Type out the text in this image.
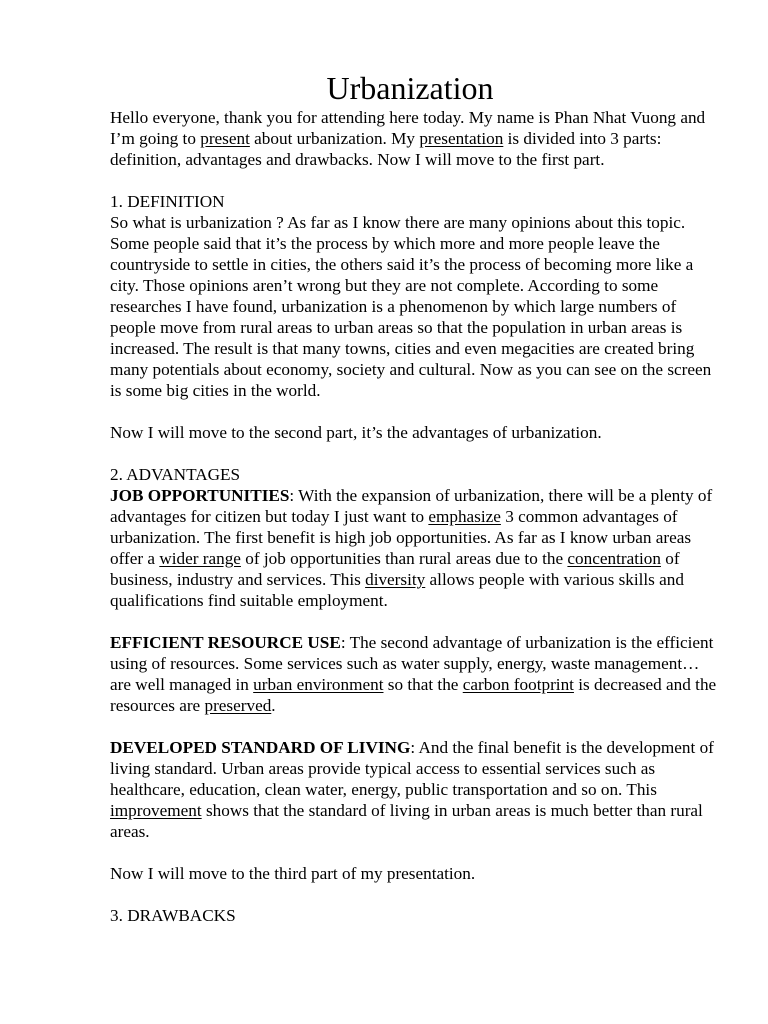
Urbanization

Hello everyone, thank you for attending here today. My name is Phan Nhat Vuong and I’m going to present about urbanization. My presentation is divided into 3 parts: definition, advantages and drawbacks. Now I will move to the first part.

1. DEFINITION

So what is urbanization ? As far as I know there are many opinions about this topic. Some people said that it’s the process by which more and more people leave the countryside to settle in cities, the others said it’s the process of becoming more like a city. Those opinions aren’t wrong but they are not complete. According to some researches I have found, urbanization is a phenomenon by which large numbers of people move from rural areas to urban areas so that the population in urban areas is increased. The result is that many towns, cities and even megacities are created bring many potentials about economy, society and cultural. Now as you can see on the screen is some big cities in the world.

Now I will move to the second part, it’s the advantages of urbanization.

2. ADVANTAGES

JOB OPPORTUNITIES: With the expansion of urbanization, there will be a plenty of advantages for citizen but today I just want to emphasize 3 common advantages of urbanization. The first benefit is high job opportunities. As far as I know urban areas offer a wider range of job opportunities than rural areas due to the concentration of business, industry and services. This diversity allows people with various skills and qualifications find suitable employment.

EFFICIENT RESOURCE USE: The second advantage of urbanization is the efficient using of resources. Some services such as water supply, energy, waste management… are well managed in urban environment so that the carbon footprint is decreased and the resources are preserved.

DEVELOPED STANDARD OF LIVING: And the final benefit is the development of living standard. Urban areas provide typical access to essential services such as healthcare, education, clean water, energy, public transportation and so on. This improvement shows that the standard of living in urban areas is much better than rural areas.

Now I will move to the third part of my presentation.

3. DRAWBACKS
